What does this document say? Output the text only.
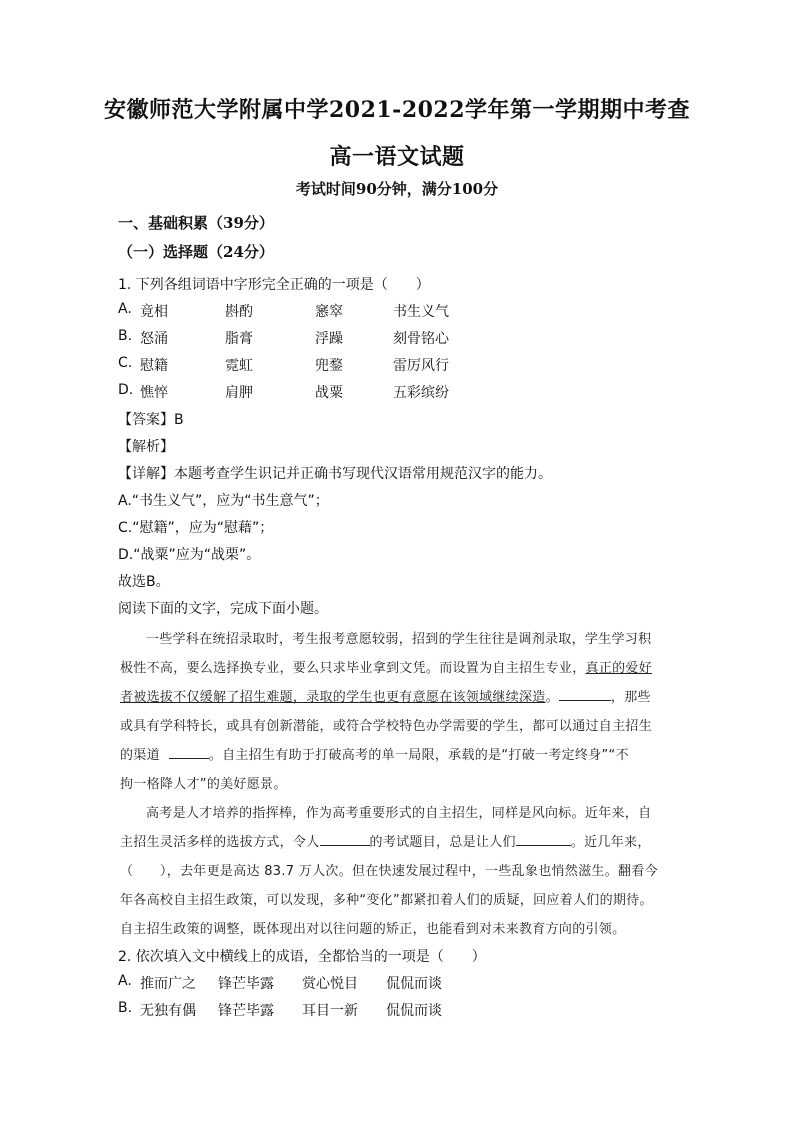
安徽师范大学附属中学2021-2022学年第一学期期中考查
高一语文试题
考试时间90分钟，满分100分
一、基础积累（39分）
（一）选择题（24分）
1. 下列各组词语中字形完全正确的一项是（　　）
A. 竟相	斟酌	窸窣	书生义气
B. 怒涌	脂膏	浮躁	刻骨铭心
C. 慰籍	霓虹	兜鍪	雷厉风行
D. 憔悴	肩胛	战粟	五彩缤纷
【答案】B
【解析】
【详解】本题考查学生识记并正确书写现代汉语常用规范汉字的能力。
A.“书生义气”，应为“书生意气”；
C.“慰籍”，应为“慰藉”；
D.“战粟”应为“战栗”。
故选B。
阅读下面的文字，完成下面小题。
一些学科在统招录取时，考生报考意愿较弱，招到的学生往往是调剂录取，学生学习积
极性不高，要么选择换专业，要么只求毕业拿到文凭。而设置为自主招生专业，真正的爱好
者被选拔不仅缓解了招生难题，录取的学生也更有意愿在该领域继续深造。	，那些
或具有学科特长，或具有创新潜能，或符合学校特色办学需要的学生，都可以通过自主招生
的渠道	。自主招生有助于打破高考的单一局限，承载的是“打破一考定终身”“不
拘一格降人才”的美好愿景。
高考是人才培养的指挥棒，作为高考重要形式的自主招生，同样是风向标。近年来，自
主招生灵活多样的选拔方式，令人	的考试题目，总是让人们	。近几年来，
（　　），去年更是高达 83.7 万人次。但在快速发展过程中，一些乱象也悄然滋生。翻看今
年各高校自主招生政策，可以发现，多种“变化”都紧扣着人们的质疑，回应着人们的期待。
自主招生政策的调整，既体现出对以往问题的矫正，也能看到对未来教育方向的引领。
2. 依次填入文中横线上的成语，全都恰当的一项是（　　）
A. 推而广之 锋芒毕露 赏心悦目 侃侃而谈
B. 无独有偶 锋芒毕露 耳目一新 侃侃而谈
